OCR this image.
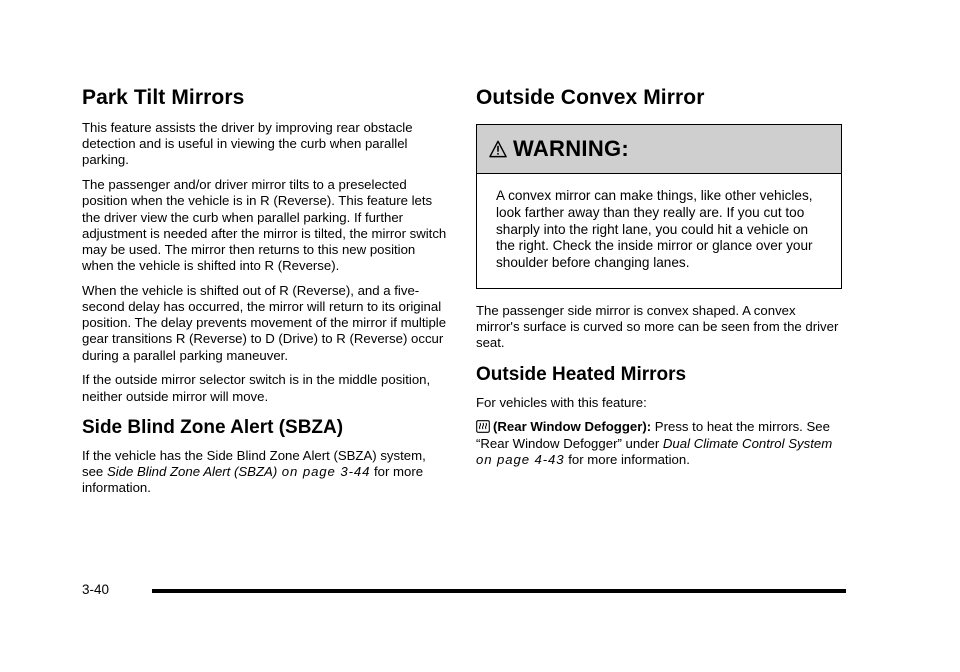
Park Tilt Mirrors

This feature assists the driver by improving rear obstacle detection and is useful in viewing the curb when parallel parking.

The passenger and/or driver mirror tilts to a preselected position when the vehicle is in R (Reverse). This feature lets the driver view the curb when parallel parking. If further adjustment is needed after the mirror is tilted, the mirror switch may be used. The mirror then returns to this new position when the vehicle is shifted into R (Reverse).

When the vehicle is shifted out of R (Reverse), and a five-second delay has occurred, the mirror will return to its original position. The delay prevents movement of the mirror if multiple gear transitions R (Reverse) to D (Drive) to R (Reverse) occur during a parallel parking maneuver.

If the outside mirror selector switch is in the middle position, neither outside mirror will move.

Side Blind Zone Alert (SBZA)

If the vehicle has the Side Blind Zone Alert (SBZA) system, see Side Blind Zone Alert (SBZA) on page 3-44 for more information.

Outside Convex Mirror
WARNING:

A convex mirror can make things, like other vehicles, look farther away than they really are. If you cut too sharply into the right lane, you could hit a vehicle on the right. Check the inside mirror or glance over your shoulder before changing lanes.

The passenger side mirror is convex shaped. A convex mirror's surface is curved so more can be seen from the driver seat.

Outside Heated Mirrors

For vehicles with this feature:

(Rear Window Defogger): Press to heat the mirrors. See “Rear Window Defogger” under Dual Climate Control System on page 4-43 for more information.

3-40
